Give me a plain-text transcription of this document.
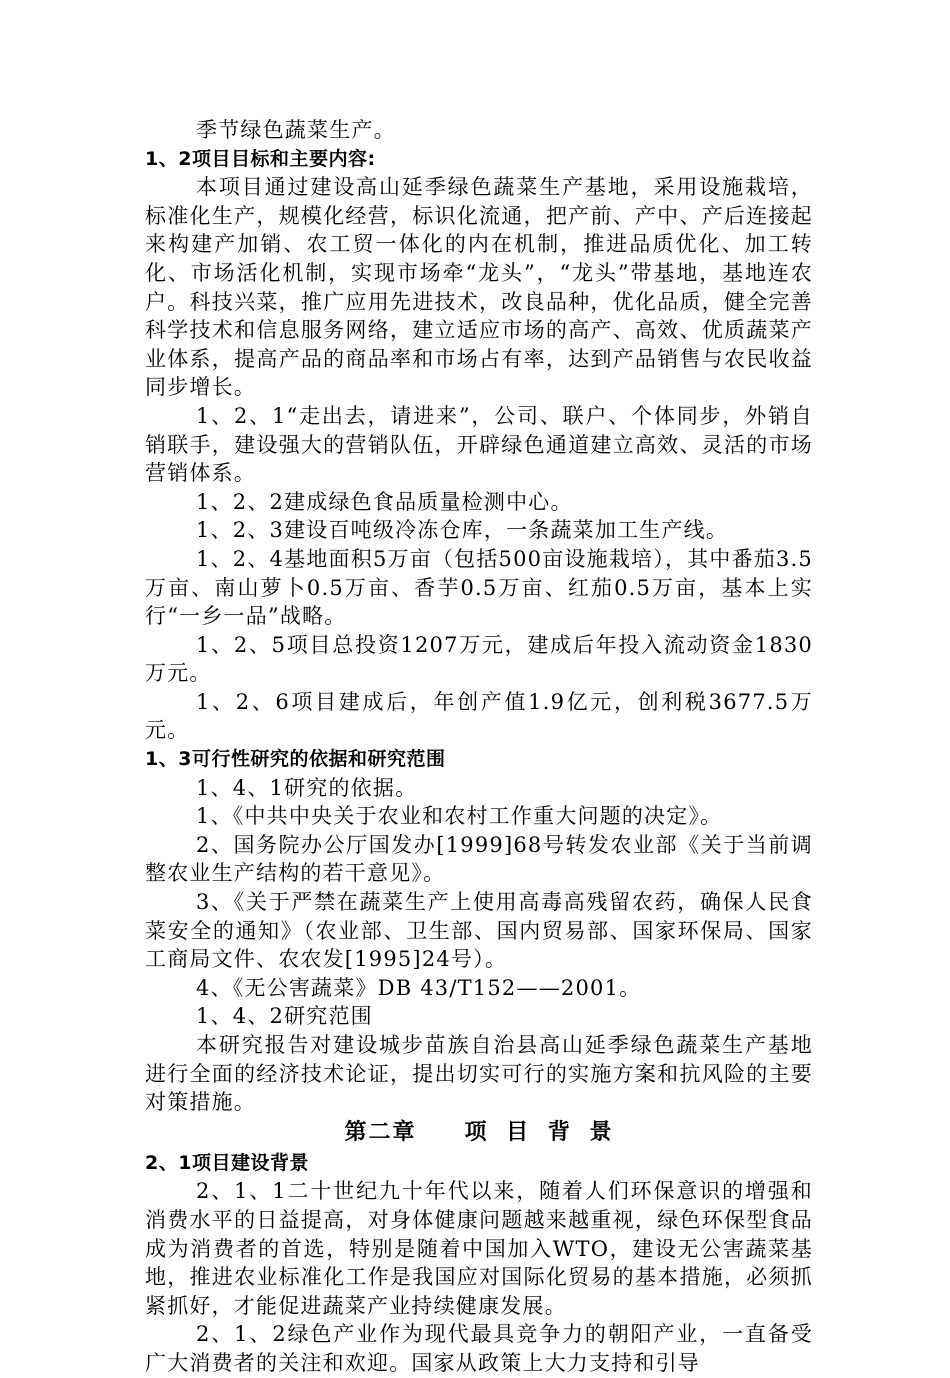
季节绿色蔬菜生产。

1、2项目目标和主要内容:

本项目通过建设高山延季绿色蔬菜生产基地，采用设施栽培，标准化生产，规模化经营，标识化流通，把产前、产中、产后连接起来构建产加销、农工贸一体化的内在机制，推进品质优化、加工转化、市场活化机制，实现市场牵“龙头”，“龙头”带基地，基地连农户。科技兴菜，推广应用先进技术，改良品种，优化品质，健全完善科学技术和信息服务网络，建立适应市场的高产、高效、优质蔬菜产业体系，提高产品的商品率和市场占有率，达到产品销售与农民收益同步增长。

1、2、1“走出去，请进来”，公司、联户、个体同步，外销自销联手，建设强大的营销队伍，开辟绿色通道建立高效、灵活的市场营销体系。

1、2、2建成绿色食品质量检测中心。

1、2、3建设百吨级冷冻仓库，一条蔬菜加工生产线。

1、2、4基地面积5万亩（包括500亩设施栽培），其中番茄3.5万亩、南山萝卜0.5万亩、香芋0.5万亩、红茄0.5万亩，基本上实行“一乡一品”战略。

1、2、5项目总投资1207万元，建成后年投入流动资金1830万元。

1、2、6项目建成后，年创产值1.9亿元，创利税3677.5万元。

1、3可行性研究的依据和研究范围

1、4、1研究的依据。

1、《中共中央关于农业和农村工作重大问题的决定》。

2、国务院办公厅国发办[1999]68号转发农业部《关于当前调整农业生产结构的若干意见》。

3、《关于严禁在蔬菜生产上使用高毒高残留农药，确保人民食菜安全的通知》（农业部、卫生部、国内贸易部、国家环保局、国家工商局文件、农农发[1995]24号）。

4、《无公害蔬菜》DB 43/T152——2001。

1、4、2研究范围

本研究报告对建设城步苗族自治县高山延季绿色蔬菜生产基地进行全面的经济技术论证，提出切实可行的实施方案和抗风险的主要对策措施。

第二章　　项 目 背 景

2、1项目建设背景

2、1、1二十世纪九十年代以来，随着人们环保意识的增强和消费水平的日益提高，对身体健康问题越来越重视，绿色环保型食品成为消费者的首选，特别是随着中国加入WTO，建设无公害蔬菜基地，推进农业标准化工作是我国应对国际化贸易的基本措施，必须抓紧抓好，才能促进蔬菜产业持续健康发展。

2、1、2绿色产业作为现代最具竞争力的朝阳产业，一直备受广大消费者的关注和欢迎。国家从政策上大力支持和引导
